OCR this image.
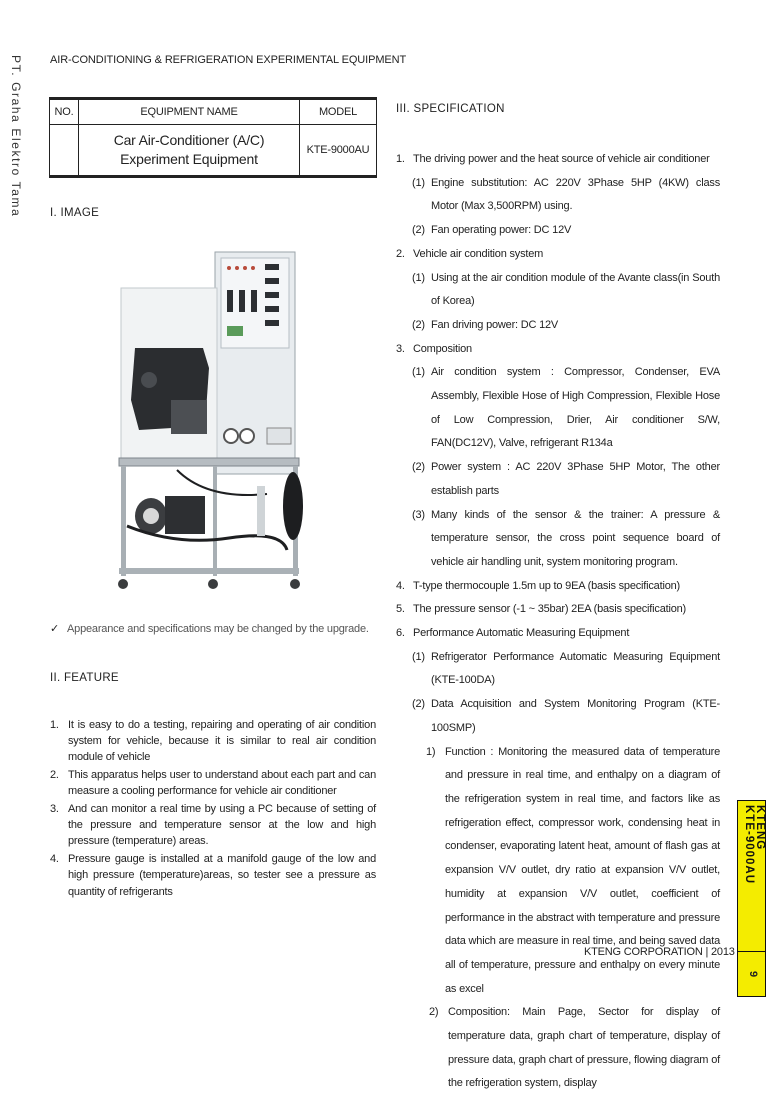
PT. Graha Elektro Tama	AIR-CONDITIONING & REFRIGERATION EXPERIMENTAL EQUIPMENT
NO.	EQUIPMENT NAME	MODEL
	Car Air-Conditioner (A/C) Experiment Equipment	KTE-9000AU
I. IMAGE
✓ Appearance and specifications may be changed by the upgrade.
II. FEATURE
1. It is easy to do a testing, repairing and operating of air condition system for vehicle, because it is similar to real air condition module of vehicle
2. This apparatus helps user to understand about each part and can measure a cooling performance for vehicle air conditioner
3. And can monitor a real time by using a PC because of setting of the pressure and temperature sensor at the low and high pressure (temperature) areas.
4. Pressure gauge is installed at a manifold gauge of the low and high pressure (temperature)areas, so tester see a pressure as quantity of refrigerants
III. SPECIFICATION
1. The driving power and the heat source of vehicle air conditioner
(1) Engine substitution: AC 220V 3Phase 5HP (4KW) class Motor (Max 3,500RPM) using.
(2) Fan operating power: DC 12V
2. Vehicle air condition system
(1) Using at the air condition module of the Avante class(in South of Korea)
(2) Fan driving power: DC 12V
3. Composition
(1) Air condition system : Compressor, Condenser, EVA Assembly, Flexible Hose of High Compression, Flexible Hose of Low Compression, Drier, Air conditioner S/W, FAN(DC12V), Valve, refrigerant R134a
(2) Power system : AC 220V 3Phase 5HP Motor, The other establish parts
(3) Many kinds of the sensor & the trainer: A pressure & temperature sensor, the cross point sequence board of vehicle air handling unit, system monitoring program.
4. T-type thermocouple 1.5m up to 9EA (basis specification)
5. The pressure sensor (-1 ~ 35bar) 2EA (basis specification)
6. Performance Automatic Measuring Equipment
(1) Refrigerator Performance Automatic Measuring Equipment (KTE-100DA)
(2) Data Acquisition and System Monitoring Program (KTE-100SMP)
1) Function : Monitoring the measured data of temperature and pressure in real time, and enthalpy on a diagram of the refrigeration system in real time, and factors like as refrigeration effect, compressor work, condensing heat in condenser, evaporating latent heat, amount of flash gas at expansion V/V outlet, dry ratio at expansion V/V outlet, humidity at expansion V/V outlet, coefficient of performance in the abstract with temperature and pressure data which are measure in real time, and being saved data all of temperature, pressure and enthalpy on every minute as excel
2) Composition: Main Page, Sector for display of temperature data, graph chart of temperature, display of pressure data, graph chart of pressure, flowing diagram of the refrigeration system, display
KTENG CORPORATION | 2013
KTENG
KTE-9000AU
9
